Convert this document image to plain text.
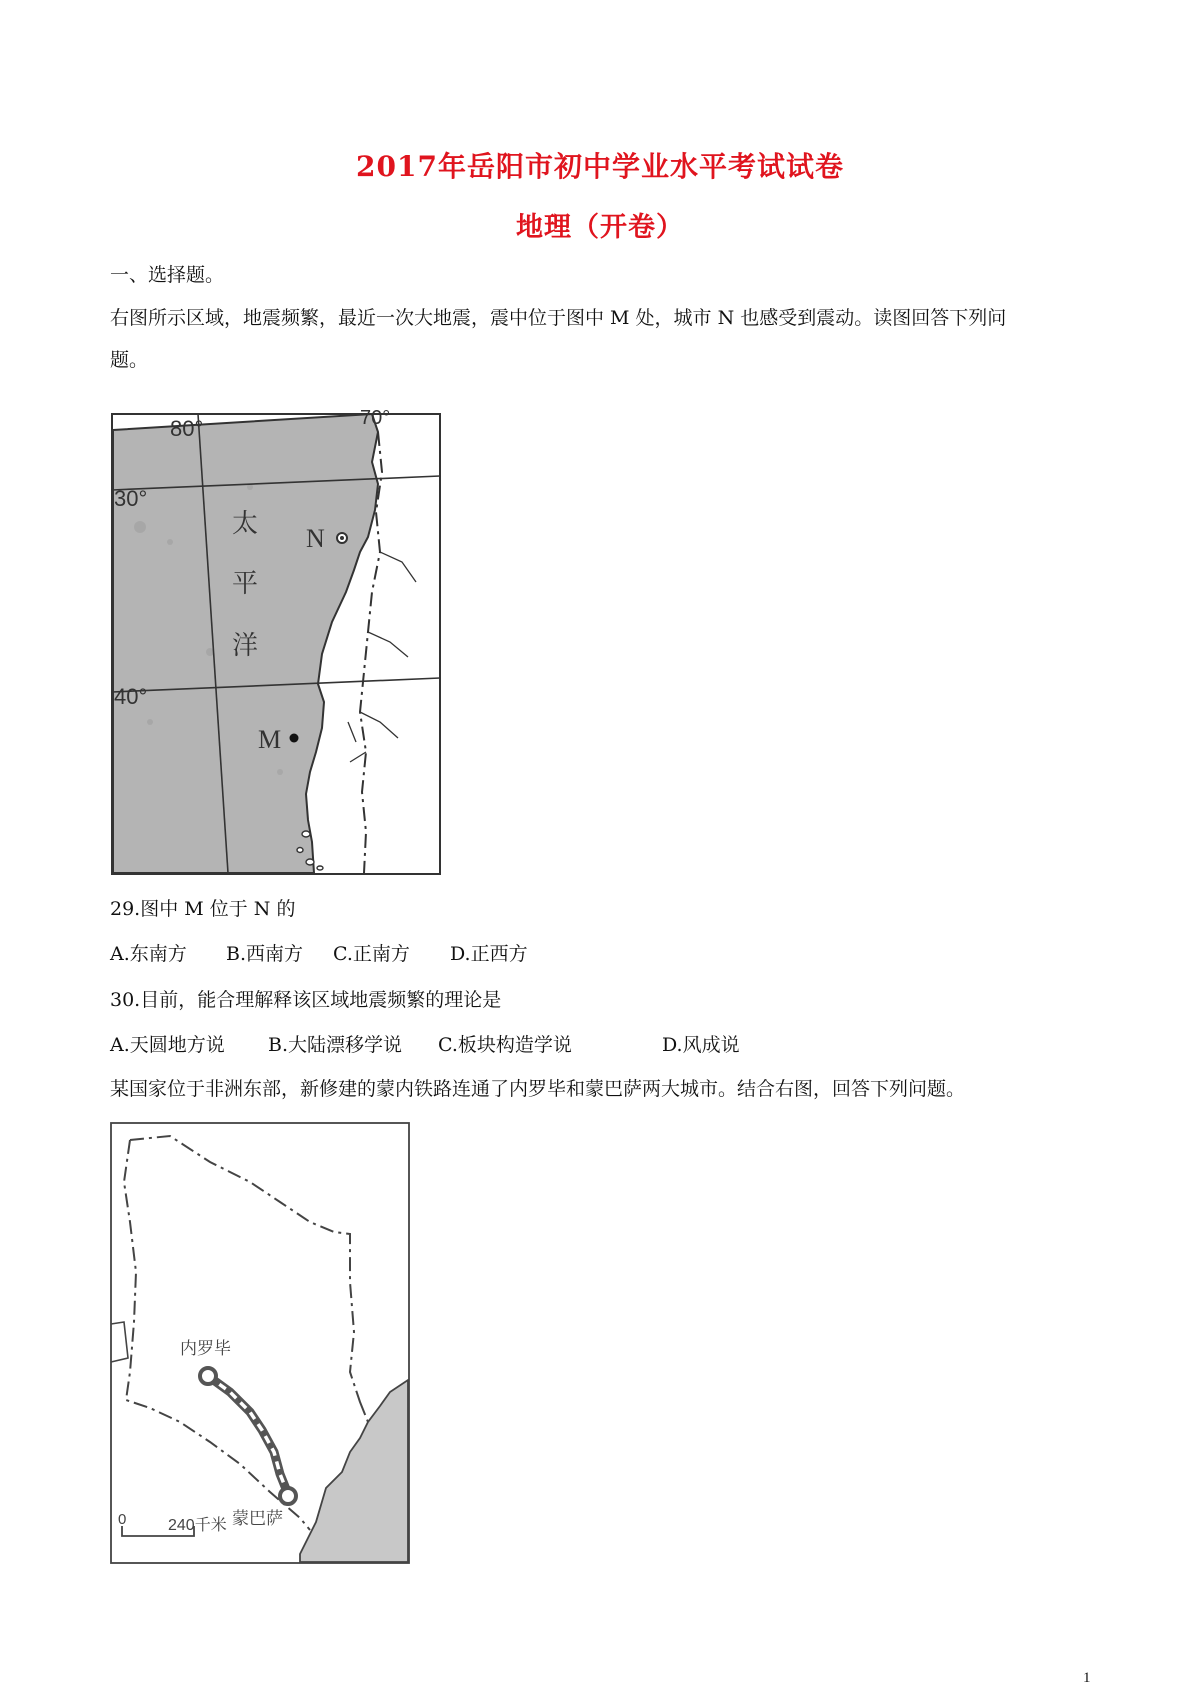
2017年岳阳市初中学业水平考试试卷
地理（开卷）
一、选择题。
右图所示区域，地震频繁，最近一次大地震，震中位于图中 M 处，城市 N 也感受到震动。读图回答下列问
题。
80°	70°
30°
40°
太
平
洋
N
M
29.图中 M 位于 N 的
A.东南方 B.西南方 C.正南方 D.正西方
30.目前，能合理解释该区域地震频繁的理论是
A.天圆地方说 B.大陆漂移学说 C.板块构造学说	D.风成说
某国家位于非洲东部，新修建的蒙内铁路连通了内罗毕和蒙巴萨两大城市。结合右图，回答下列问题。
内罗毕
蒙巴萨
0	240千米
1
